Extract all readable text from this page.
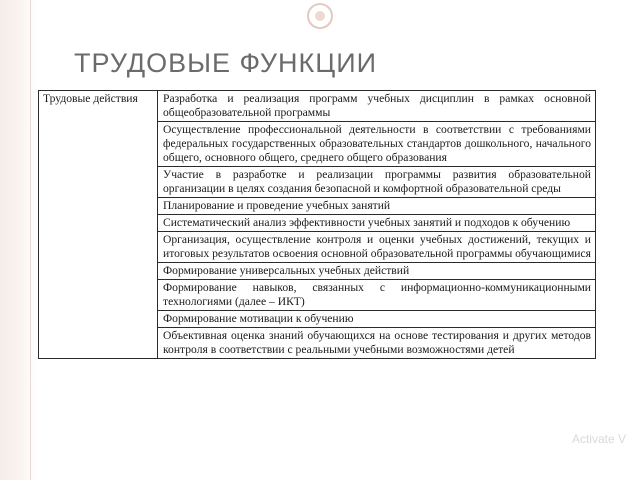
ТРУДОВЫЕ ФУНКЦИИ
Трудовые действия	Разработка и реализация программ учебных дисциплин в рамках основной общеобразовательной программы
Осуществление профессиональной деятельности в соответствии с требованиями федеральных государственных образовательных стандартов дошкольного, начального общего, основного общего, среднего общего образования
Участие в разработке и реализации программы развития образовательной организации в целях создания безопасной и комфортной образовательной среды
Планирование и проведение учебных занятий
Систематический анализ эффективности учебных занятий и подходов к обучению
Организация, осуществление контроля и оценки учебных достижений, текущих и итоговых результатов освоения основной образовательной программы обучающимися
Формирование универсальных учебных действий
Формирование навыков, связанных с информационно-коммуникационными технологиями (далее – ИКТ)
Формирование мотивации к обучению
Объективная оценка знаний обучающихся на основе тестирования и других методов контроля в соответствии с реальными учебными возможностями детей
Activate V
